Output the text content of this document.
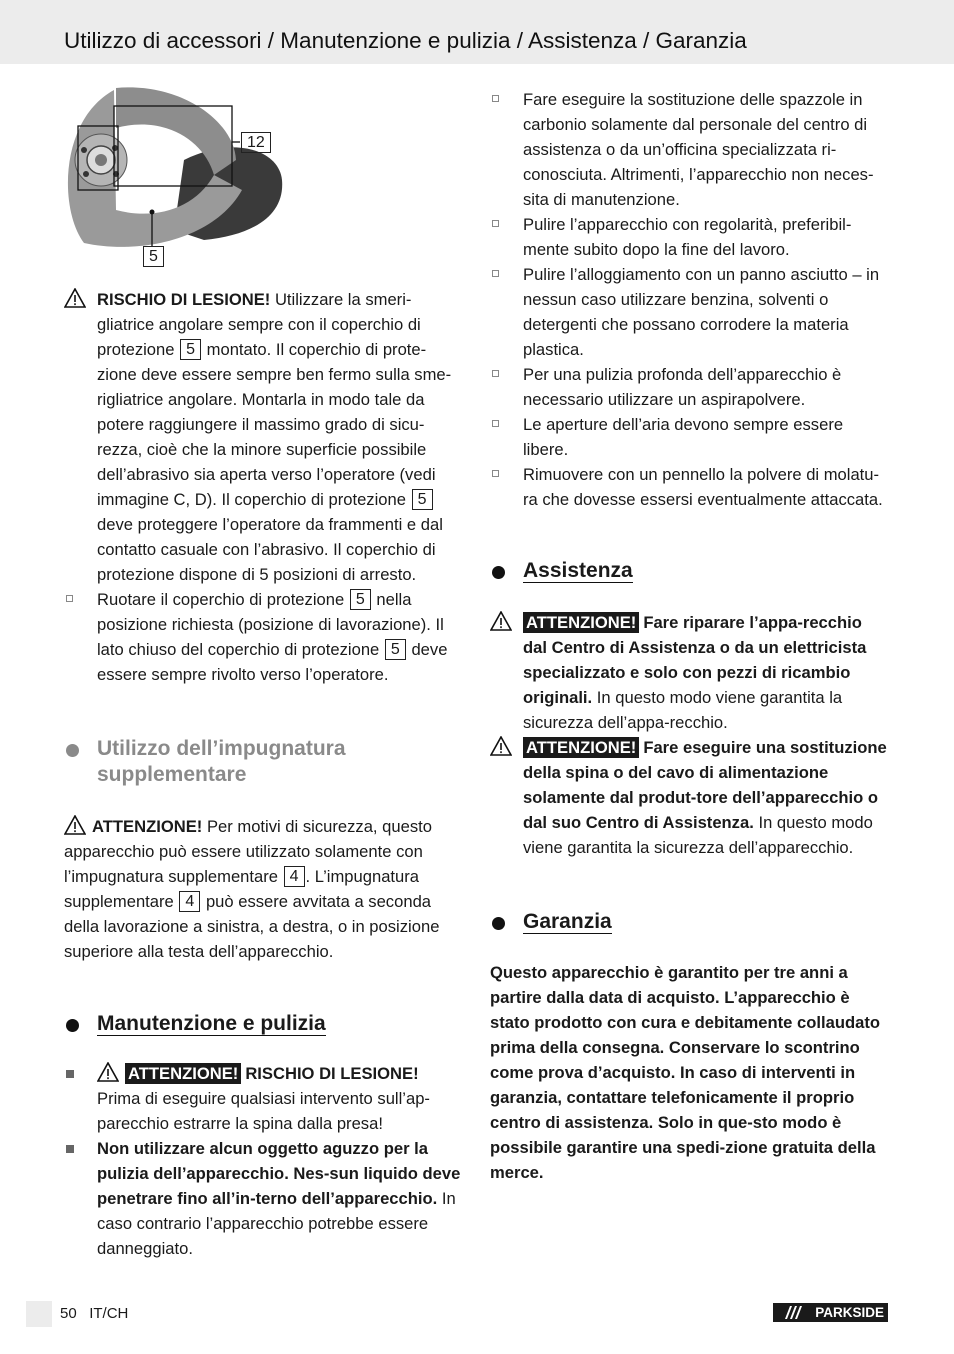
Utilizzo di accessori / Manutenzione e pulizia / Assistenza / Garanzia
12
5
RISCHIO DI LESIONE! Utilizzare la smeri-gliatrice angolare sempre con il coperchio di protezione 5 montato. Il coperchio di prote-zione deve essere sempre ben fermo sulla sme-rigliatrice angolare. Montarla in modo tale da potere raggiungere il massimo grado di sicu-rezza, cioè che la minore superficie possibile dell’abrasivo sia aperta verso l’operatore (vedi immagine C, D). Il coperchio di protezione 5 deve proteggere l’operatore da frammenti e dal contatto casuale con l’abrasivo. Il coperchio di protezione dispone di 5 posizioni di arresto.
Ruotare il coperchio di protezione 5 nella posizione richiesta (posizione di lavorazione). Il lato chiuso del coperchio di protezione 5 deve essere sempre rivolto verso l’operatore.
Utilizzo dell’impugnatura supplementare

ATTENZIONE! Per motivi di sicurezza, questo apparecchio può essere utilizzato solamente con l’impugnatura supplementare 4 . L’impugnatura supplementare 4 può essere avvitata a seconda della lavorazione a sinistra, a destra, o in posizione superiore alla testa dell’apparecchio.

Manutenzione e pulizia
ATTENZIONE! RISCHIO DI LESIONE! Prima di eseguire qualsiasi intervento sull’ap-parecchio estrarre la spina dalla presa!
Non utilizzare alcun oggetto aguzzo per la pulizia dell’apparecchio. Nes-sun liquido deve penetrare fino all’in-terno dell’apparecchio. In caso contrario l’apparecchio potrebbe essere danneggiato.
Fare eseguire la sostituzione delle spazzole in carbonio solamente dal personale del centro di assistenza o da un’officina specializzata ri-conosciuta. Altrimenti, l’apparecchio non neces-sita di manutenzione.
Pulire l’apparecchio con regolarità, preferibil-mente subito dopo la fine del lavoro.
Pulire l’alloggiamento con un panno asciutto – in nessun caso utilizzare benzina, solventi o detergenti che possano corrodere la materia plastica.
Per una pulizia profonda dell’apparecchio è necessario utilizzare un aspirapolvere.
Le aperture dell’aria devono sempre essere libere.
Rimuovere con un pennello la polvere di molatu-ra che dovesse essersi eventualmente attaccata.
Assistenza
ATTENZIONE! Fare riparare l’appa-recchio dal Centro di Assistenza o da un elettricista specializzato e solo con pezzi di ricambio originali. In questo modo viene garantita la sicurezza dell’appa-recchio.
ATTENZIONE! Fare eseguire una sostituzione della spina o del cavo di alimentazione solamente dal produt-tore dell’apparecchio o dal suo Centro di Assistenza. In questo modo viene garantita la sicurezza dell’apparecchio.
Garanzia

Questo apparecchio è garantito per tre anni a partire dalla data di acquisto. L’apparecchio è stato prodotto con cura e debitamente collaudato prima della consegna. Conservare lo scontrino come prova d’acquisto. In caso di interventi in garanzia, contattare telefonicamente il proprio centro di assistenza. Solo in que-sto modo è possibile garantire una spedi-zione gratuita della merce.

50 IT/CH	PARKSIDE
